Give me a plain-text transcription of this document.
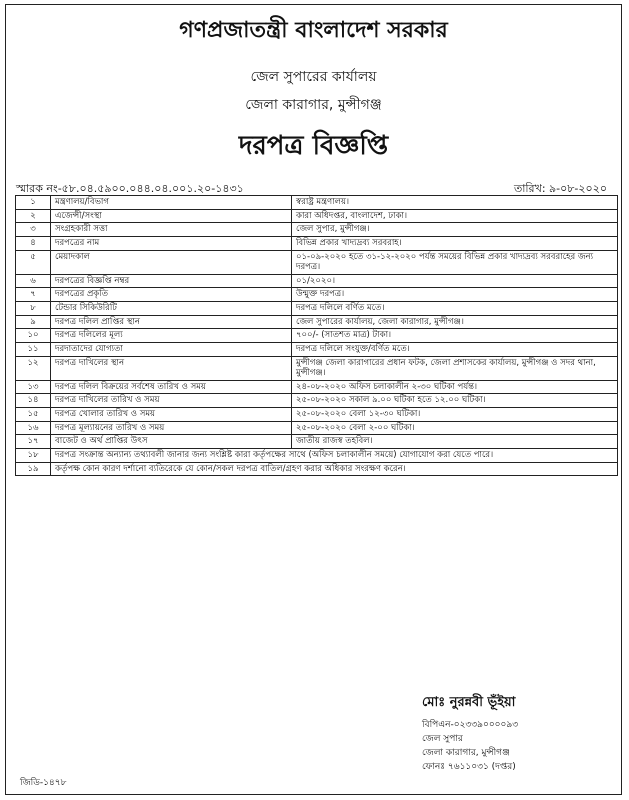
গণপ্রজাতন্ত্রী বাংলাদেশ সরকার
জেল সুপারের কার্যালয়
জেলা কারাগার, মুন্সীগঞ্জ
দরপত্র বিজ্ঞপ্তি
স্মারক নং-৫৮.০৪.৫৯০০.০৪৪.০৪.০০১.২০-১৪৩১	তারিখ: ৯-০৮-২০২০
১	মন্ত্রণালয়/বিভাগ	স্বরাষ্ট্র মন্ত্রণালয়।
২	এজেন্সী/সংস্থা	কারা অধিদপ্তর, বাংলাদেশ, ঢাকা।
৩	সংগ্রহকারী সত্তা	জেল সুপার, মুন্সীগঞ্জ।
৪	দরপত্রের নাম	বিভিন্ন প্রকার খাদ্যদ্রব্য সরবরাহ।
৫	মেয়াদকাল	০১-০৯-২০২০ হতে ৩১-১২-২০২০ পর্যন্ত সময়ের বিভিন্ন প্রকার খাদ্যদ্রব্য সরবরাহের জন্য দরপত্র।
৬	দরপত্রের বিজ্ঞপ্তি নম্বর	০১/২০২০।
৭	দরপত্রের প্রকৃতি	উন্মুক্ত দরপত্র।
৮	টেন্ডার সিকিউরিটি	দরপত্র দলিলে বর্ণিত মতে।
৯	দরপত্র দলিল প্রাপ্তির স্থান	জেল সুপারের কার্যালয়, জেলা কারাগার, মুন্সীগঞ্জ।
১০	দরপত্র দলিলের মূল্য	৭০০/- (সাতশত মাত্র) টাকা।
১১	দরদাতাদের যোগ্যতা	দরপত্র দলিলে সংযুক্ত/বর্ণিত মতে।
১২	দরপত্র দাখিলের স্থান	মুন্সীগঞ্জ জেলা কারাগারের প্রধান ফটক, জেলা প্রশাসকের কার্যালয়, মুন্সীগঞ্জ ও সদর থানা, মুন্সীগঞ্জ।
১৩	দরপত্র দলিল বিক্রয়ের সর্বশেষ তারিখ ও সময়	২৪-০৮-২০২০ অফিস চলাকালীন ২-৩০ ঘটিকা পর্যন্ত।
১৪	দরপত্র দাখিলের তারিখ ও সময়	২৫-০৮-২০২০ সকাল ৯.০০ ঘটিকা হতে ১২.০০ ঘটিকা।
১৫	দরপত্র খোলার তারিখ ও সময়	২৫-০৮-২০২০ বেলা ১২-৩০ ঘটিকা।
১৬	দরপত্র মূল্যায়নের তারিখ ও সময়	২৫-০৮-২০২০ বেলা ২-০০ ঘটিকা।
১৭	বাজেট ও অর্থ প্রাপ্তির উৎস	জাতীয় রাজস্ব তহবিল।
১৮	দরপত্র সংক্রান্ত অন্যান্য তথ্যাবলী জানার জন্য সংশ্লিষ্ট কারা কর্তৃপক্ষের সাথে (অফিস চলাকালীন সময়ে) যোগাযোগ করা যেতে পারে।	
১৯	কর্তৃপক্ষ কোন কারণ দর্শানো ব্যতিরেকে যে কোন/সকল দরপত্র বাতিল/গ্রহণ করার অধিকার সংরক্ষণ করেন।	
মোঃ নুরন্নবী ভূঁইয়া
বিপিএন-০২৩৩৯০০০০৯৩
জেল সুপার
জেলা কারাগার, মুন্সীগঞ্জ
ফোনঃ ৭৬১১০৩১ (দপ্তর)
জিডি-১৪৭৮
